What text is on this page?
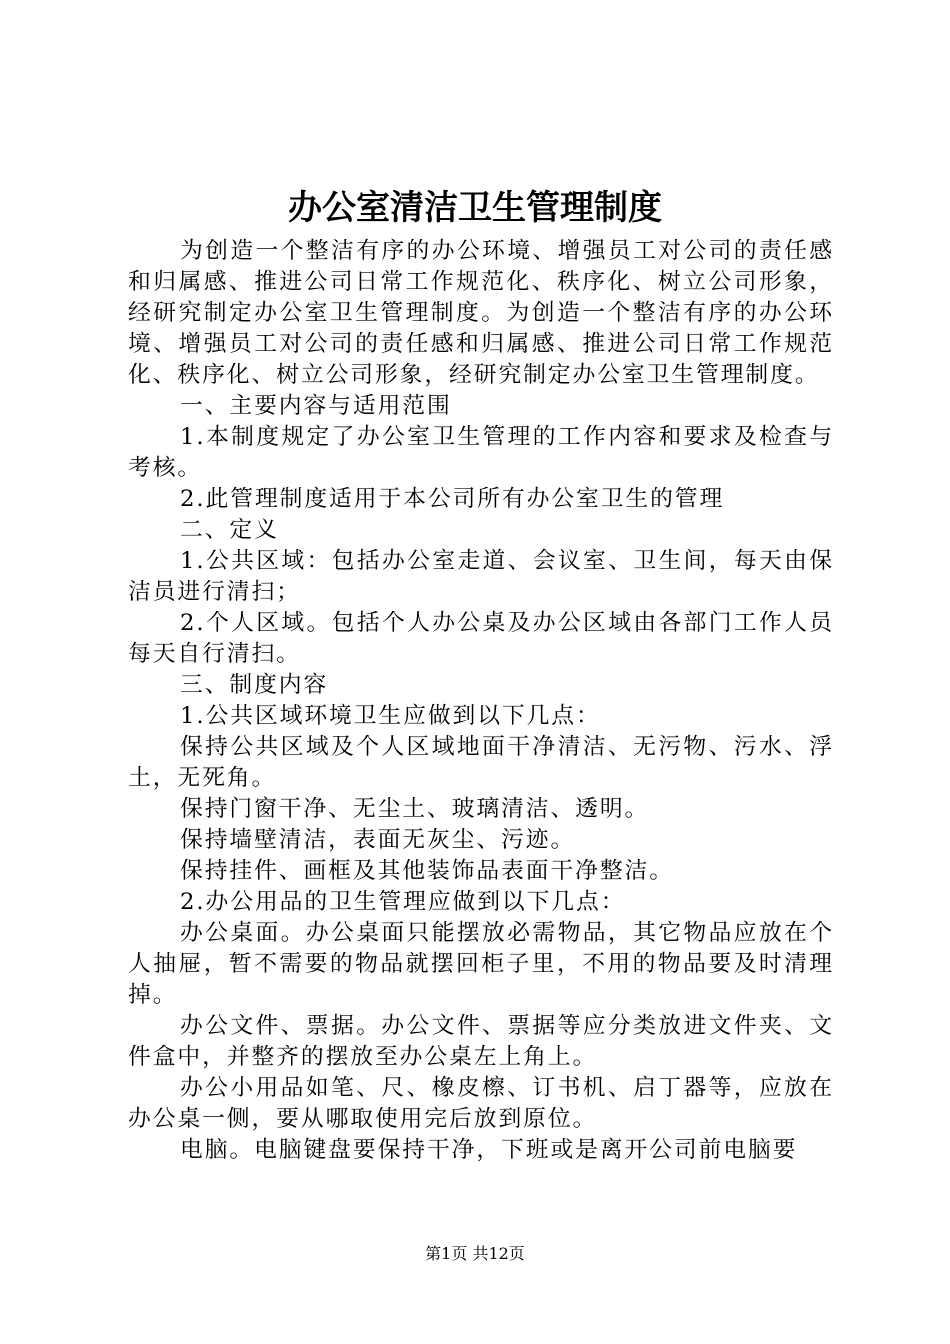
办公室清洁卫生管理制度

为创造一个整洁有序的办公环境、增强员工对公司的责任感和归属感、推进公司日常工作规范化、秩序化、树立公司形象，经研究制定办公室卫生管理制度。为创造一个整洁有序的办公环境、增强员工对公司的责任感和归属感、推进公司日常工作规范化、秩序化、树立公司形象，经研究制定办公室卫生管理制度。

一、主要内容与适用范围

1.本制度规定了办公室卫生管理的工作内容和要求及检查与考核。

2.此管理制度适用于本公司所有办公室卫生的管理

二、定义

1.公共区域：包括办公室走道、会议室、卫生间，每天由保洁员进行清扫；

2.个人区域。包括个人办公桌及办公区域由各部门工作人员每天自行清扫。

三、制度内容

1.公共区域环境卫生应做到以下几点：

保持公共区域及个人区域地面干净清洁、无污物、污水、浮土，无死角。

保持门窗干净、无尘土、玻璃清洁、透明。

保持墙壁清洁，表面无灰尘、污迹。

保持挂件、画框及其他装饰品表面干净整洁。

2.办公用品的卫生管理应做到以下几点：

办公桌面。办公桌面只能摆放必需物品，其它物品应放在个人抽屉，暂不需要的物品就摆回柜子里，不用的物品要及时清理掉。

办公文件、票据。办公文件、票据等应分类放进文件夹、文件盒中，并整齐的摆放至办公桌左上角上。

办公小用品如笔、尺、橡皮檫、订书机、启丁器等，应放在办公桌一侧，要从哪取使用完后放到原位。

电脑。电脑键盘要保持干净，下班或是离开公司前电脑要

第1页 共12页
